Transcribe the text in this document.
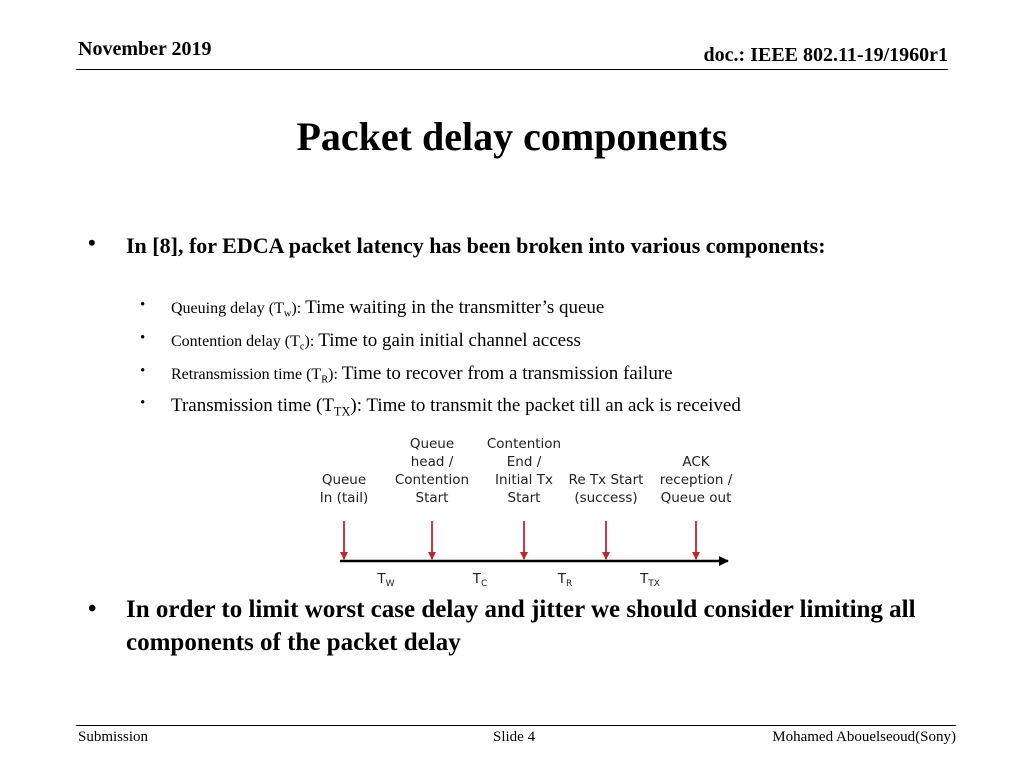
November 2019	doc.: IEEE 802.11-19/1960r1
Packet delay components
• In [8], for EDCA packet latency has been broken into various components:
• Queuing delay $(T_w)$: Time waiting in the transmitter’s queue
• Contention delay $(T_c)$: Time to gain initial channel access
• Retransmission time $(T_R)$: Time to recover from a transmission failure
• Transmission time $(T_{TX})$: Time to transmit the packet till an ack is received
Queue In (tail)
Queue head / Contention Start
Contention End / Initial Tx Start
Re Tx Start (success)
ACK reception / Queue out
$T_W$	$T_C$	$T_R$	$T_{TX}$
• In order to limit worst case delay and jitter we should consider limiting all components of the packet delay
Submission	Slide 4	Mohamed Abouelseoud(Sony)
